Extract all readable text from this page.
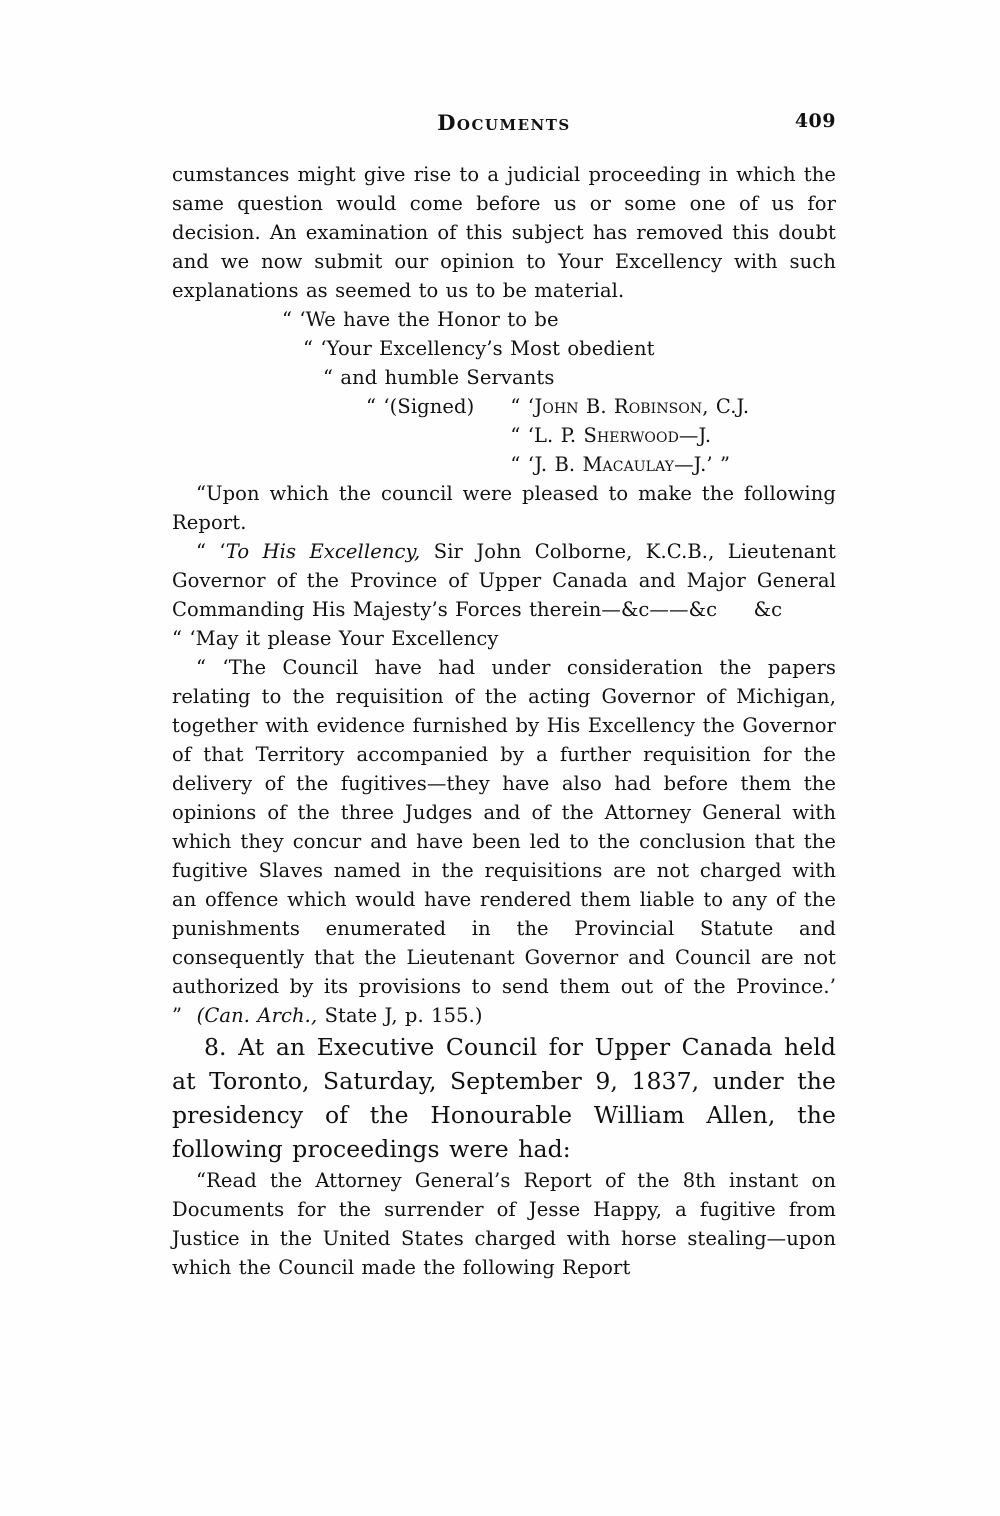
Documents	409

cumstances might give rise to a judicial proceeding in which the same question would come before us or some one of us for decision. An examination of this subject has removed this doubt and we now submit our opinion to Your Excellency with such explanations as seemed to us to be material.

“ ‘We have the Honor to be
“ ‘Your Excellency’s Most obedient
“ and humble Servants
“ ‘(Signed) “ ‘John B. Robinson, C.J.
“ ‘L. P. Sherwood—J.
“ ‘J. B. Macaulay—J.’ ”

“Upon which the council were pleased to make the following Report.

“ ‘To His Excellency, Sir John Colborne, K.C.B., Lieutenant Governor of the Province of Upper Canada and Major General Commanding His Majesty’s Forces therein—&c——&c     &c

“ ‘May it please Your Excellency

“ ‘The Council have had under consideration the papers relating to the requisition of the acting Governor of Michigan, together with evidence furnished by His Excellency the Governor of that Territory accompanied by a further requisition for the delivery of the fugitives—they have also had before them the opinions of the three Judges and of the Attorney General with which they concur and have been led to the conclusion that the fugitive Slaves named in the requisitions are not charged with an offence which would have rendered them liable to any of the punishments enumerated in the Provincial Statute and consequently that the Lieutenant Governor and Council are not authorized by its provisions to send them out of the Province.’ ”  (Can. Arch., State J, p. 155.)

8. At an Executive Council for Upper Canada held at Toronto, Saturday, September 9, 1837, under the presidency of the Honourable William Allen, the following proceedings were had:

“Read the Attorney General’s Report of the 8th instant on Documents for the surrender of Jesse Happy, a fugitive from Justice in the United States charged with horse stealing—upon which the Council made the following Report
